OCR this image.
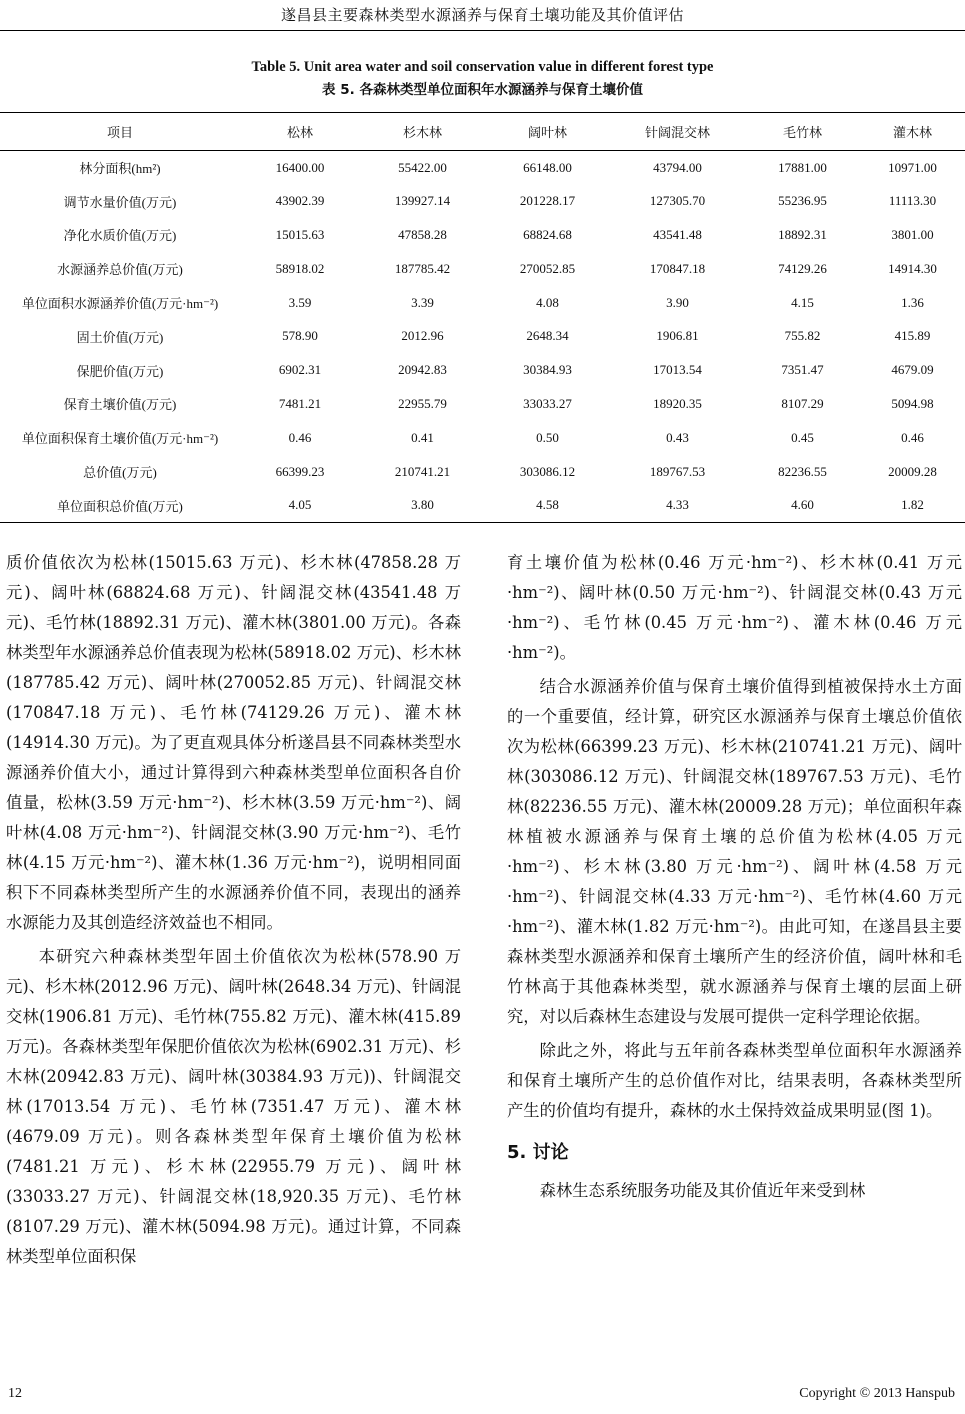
遂昌县主要森林类型水源涵养与保育土壤功能及其价值评估
Table 5. Unit area water and soil conservation value in different forest type
表 5. 各森林类型单位面积年水源涵养与保育土壤价值
项目	松林	杉木林	阔叶林	针阔混交林	毛竹林	灌木林
林分面积(hm²)	16400.00	55422.00	66148.00	43794.00	17881.00	10971.00
调节水量价值(万元)	43902.39	139927.14	201228.17	127305.70	55236.95	11113.30
净化水质价值(万元)	15015.63	47858.28	68824.68	43541.48	18892.31	3801.00
水源涵养总价值(万元)	58918.02	187785.42	270052.85	170847.18	74129.26	14914.30
单位面积水源涵养价值(万元·hm⁻²)	3.59	3.39	4.08	3.90	4.15	1.36
固土价值(万元)	578.90	2012.96	2648.34	1906.81	755.82	415.89
保肥价值(万元)	6902.31	20942.83	30384.93	17013.54	7351.47	4679.09
保育土壤价值(万元)	7481.21	22955.79	33033.27	18920.35	8107.29	5094.98
单位面积保育土壤价值(万元·hm⁻²)	0.46	0.41	0.50	0.43	0.45	0.46
总价值(万元)	66399.23	210741.21	303086.12	189767.53	82236.55	20009.28
单位面积总价值(万元)	4.05	3.80	4.58	4.33	4.60	1.82

质价值依次为松林(15015.63 万元)、杉木林(47858.28 万元)、阔叶林(68824.68 万元)、针阔混交林(43541.48 万元)、毛竹林(18892.31 万元)、灌木林(3801.00 万元)。各森林类型年水源涵养总价值表现为松林(58918.02 万元)、杉木林(187785.42 万元)、阔叶林(270052.85 万元)、针阔混交林(170847.18 万元)、毛竹林(74129.26 万元)、灌木林(14914.30 万元)。为了更直观具体分析遂昌县不同森林类型水源涵养价值大小，通过计算得到六种森林类型单位面积各自价值量，松林(3.59 万元·hm⁻²)、杉木林(3.59 万元·hm⁻²)、阔叶林(4.08 万元·hm⁻²)、针阔混交林(3.90 万元·hm⁻²)、毛竹林(4.15 万元·hm⁻²)、灌木林(1.36 万元·hm⁻²)，说明相同面积下不同森林类型所产生的水源涵养价值不同，表现出的涵养水源能力及其创造经济效益也不相同。

本研究六种森林类型年固土价值依次为松林(578.90 万元)、杉木林(2012.96 万元)、阔叶林(2648.34 万元)、针阔混交林(1906.81 万元)、毛竹林(755.82 万元)、灌木林(415.89 万元)。各森林类型年保肥价值依次为松林(6902.31 万元)、杉木林(20942.83 万元)、阔叶林(30384.93 万元))、针阔混交林(17013.54 万元)、毛竹林(7351.47 万元)、灌木林(4679.09 万元)。则各森林类型年保育土壤价值为松林(7481.21 万元)、杉木林(22955.79 万元)、阔叶林(33033.27 万元)、针阔混交林(18,920.35 万元)、毛竹林(8107.29 万元)、灌木林(5094.98 万元)。通过计算，不同森林类型单位面积保

育土壤价值为松林(0.46 万元·hm⁻²)、杉木林(0.41 万元·hm⁻²)、阔叶林(0.50 万元·hm⁻²)、针阔混交林(0.43 万元·hm⁻²)、毛竹林(0.45 万元·hm⁻²)、灌木林(0.46 万元·hm⁻²)。

结合水源涵养价值与保育土壤价值得到植被保持水土方面的一个重要值，经计算，研究区水源涵养与保育土壤总价值依次为松林(66399.23 万元)、杉木林(210741.21 万元)、阔叶林(303086.12 万元)、针阔混交林(189767.53 万元)、毛竹林(82236.55 万元)、灌木林(20009.28 万元)；单位面积年森林植被水源涵养与保育土壤的总价值为松林(4.05 万元·hm⁻²)、杉木林(3.80 万元·hm⁻²)、阔叶林(4.58 万元·hm⁻²)、针阔混交林(4.33 万元·hm⁻²)、毛竹林(4.60 万元·hm⁻²)、灌木林(1.82 万元·hm⁻²)。由此可知，在遂昌县主要森林类型水源涵养和保育土壤所产生的经济价值，阔叶林和毛竹林高于其他森林类型，就水源涵养与保育土壤的层面上研究，对以后森林生态建设与发展可提供一定科学理论依据。

除此之外，将此与五年前各森林类型单位面积年水源涵养和保育土壤所产生的总价值作对比，结果表明，各森林类型所产生的价值均有提升，森林的水土保持效益成果明显(图 1)。

5. 讨论

森林生态系统服务功能及其价值近年来受到林

12	Copyright © 2013 Hanspub
